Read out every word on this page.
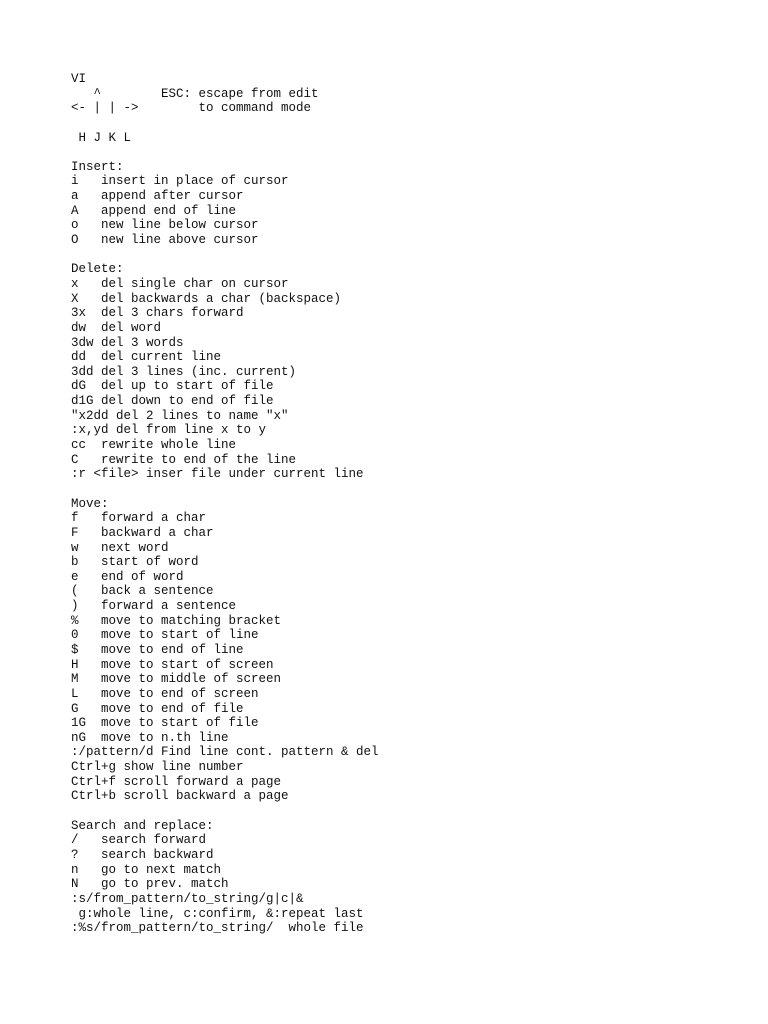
VI
^        ESC: escape from edit
<- | | ->        to command mode
H J K L
Insert:
i   insert in place of cursor
a   append after cursor
A   append end of line
o   new line below cursor
O   new line above cursor
Delete:
x   del single char on cursor
X   del backwards a char (backspace)
3x  del 3 chars forward
dw  del word
3dw del 3 words
dd  del current line
3dd del 3 lines (inc. current)
dG  del up to start of file
d1G del down to end of file
"x2dd del 2 lines to name "x"
:x,yd del from line x to y
cc  rewrite whole line
C   rewrite to end of the line
:r <file> inser file under current line
Move:
f   forward a char
F   backward a char
w   next word
b   start of word
e   end of word
(   back a sentence
)   forward a sentence
%   move to matching bracket
0   move to start of line
$   move to end of line
H   move to start of screen
M   move to middle of screen
L   move to end of screen
G   move to end of file
1G  move to start of file
nG  move to n.th line
:/pattern/d Find line cont. pattern & del
Ctrl+g show line number
Ctrl+f scroll forward a page
Ctrl+b scroll backward a page
Search and replace:
/   search forward
?   search backward
n   go to next match
N   go to prev. match
:s/from_pattern/to_string/g|c|&
g:whole line, c:confirm, &:repeat last
:%s/from_pattern/to_string/  whole file
